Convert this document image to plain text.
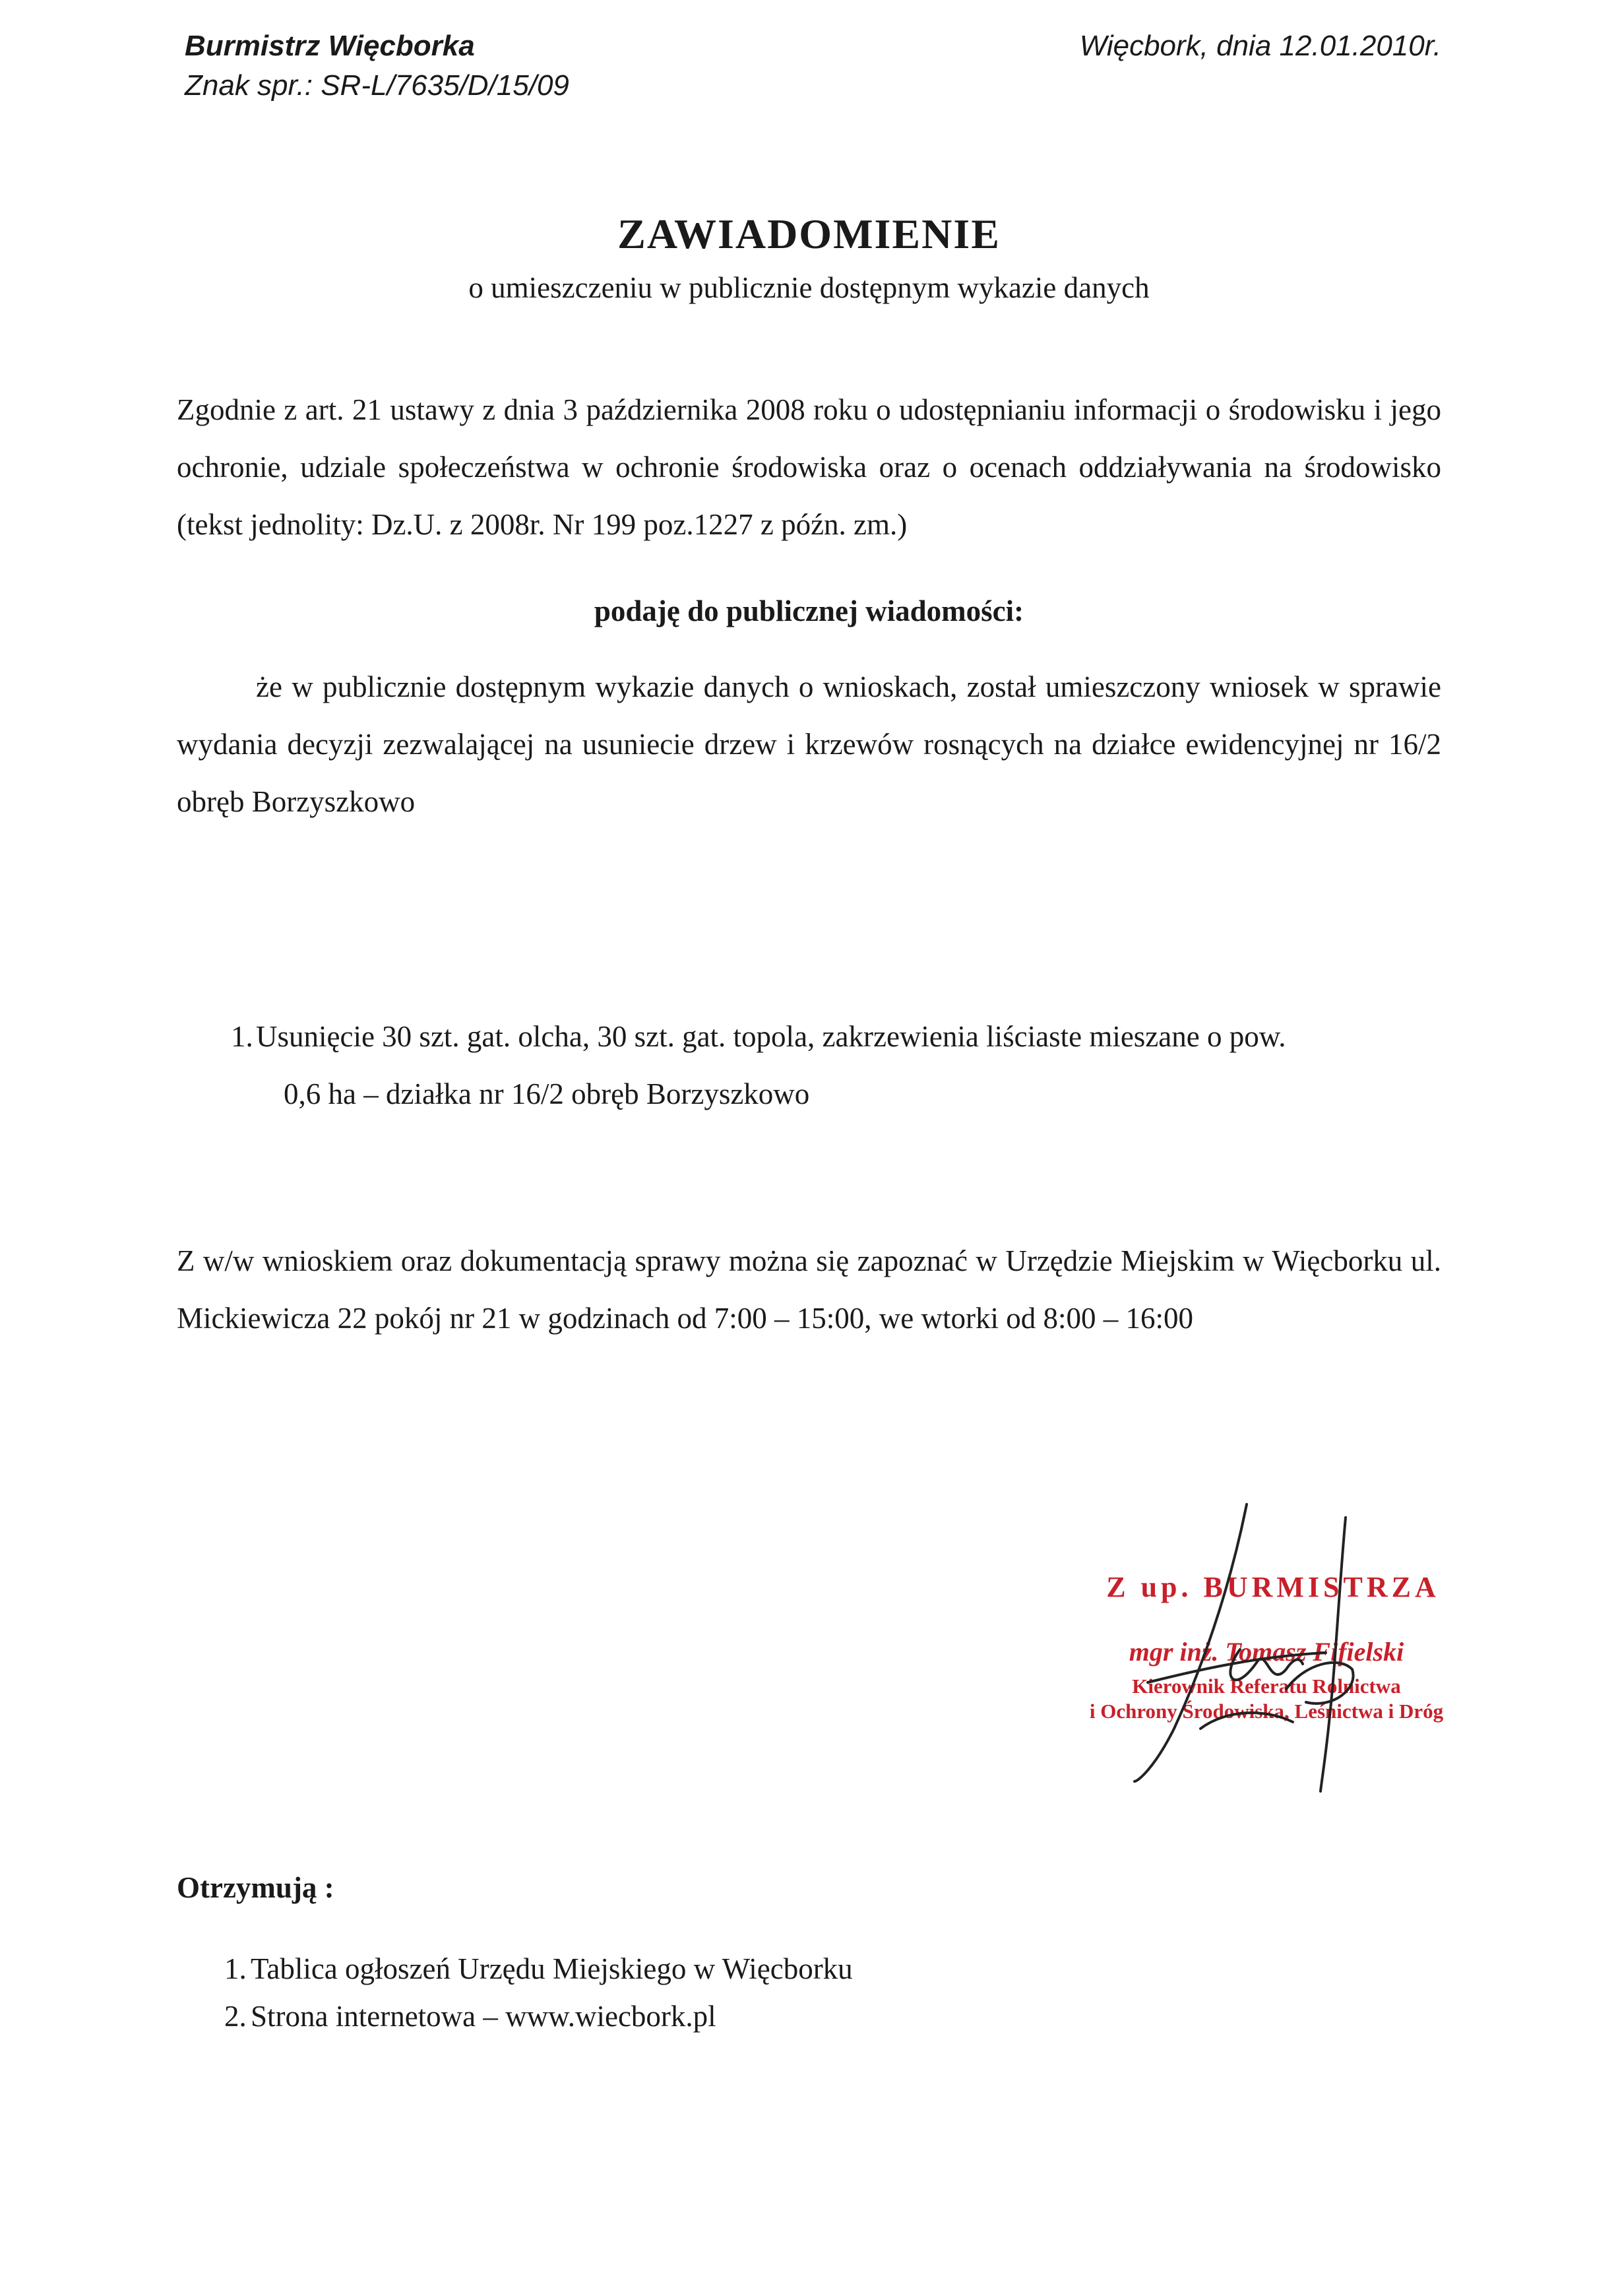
Burmistrz Więcborka
Znak spr.: SR-L/7635/D/15/09
Więcbork, dnia 12.01.2010r.
ZAWIADOMIENIE
o umieszczeniu w publicznie dostępnym wykazie danych
Zgodnie z art. 21 ustawy z dnia 3 października 2008 roku o udostępnianiu informacji o środowisku i jego ochronie, udziale społeczeństwa w ochronie środowiska oraz o ocenach oddziaływania na środowisko (tekst jednolity: Dz.U. z 2008r. Nr 199 poz.1227 z późn. zm.)
podaję do publicznej wiadomości:
że w publicznie dostępnym wykazie danych o wnioskach, został umieszczony wniosek w sprawie wydania decyzji zezwalającej na usuniecie drzew i krzewów rosnących na działce ewidencyjnej nr 16/2 obręb Borzyszkowo
1. Usunięcie 30 szt. gat. olcha, 30 szt. gat. topola, zakrzewienia liściaste mieszane o pow.
0,6 ha – działka nr 16/2 obręb Borzyszkowo
Z w/w wnioskiem oraz dokumentacją sprawy można się zapoznać w Urzędzie Miejskim w Więcborku ul. Mickiewicza 22 pokój nr 21 w godzinach od 7:00 – 15:00, we wtorki od 8:00 – 16:00
Z up. BURMISTRZA
mgr inż. Tomasz Fifielski
Kierownik Referatu Rolnictwa
i Ochrony Środowiska, Leśnictwa i Dróg
Otrzymują :
1. Tablica ogłoszeń Urzędu Miejskiego w Więcborku
2. Strona internetowa – www.wiecbork.pl
